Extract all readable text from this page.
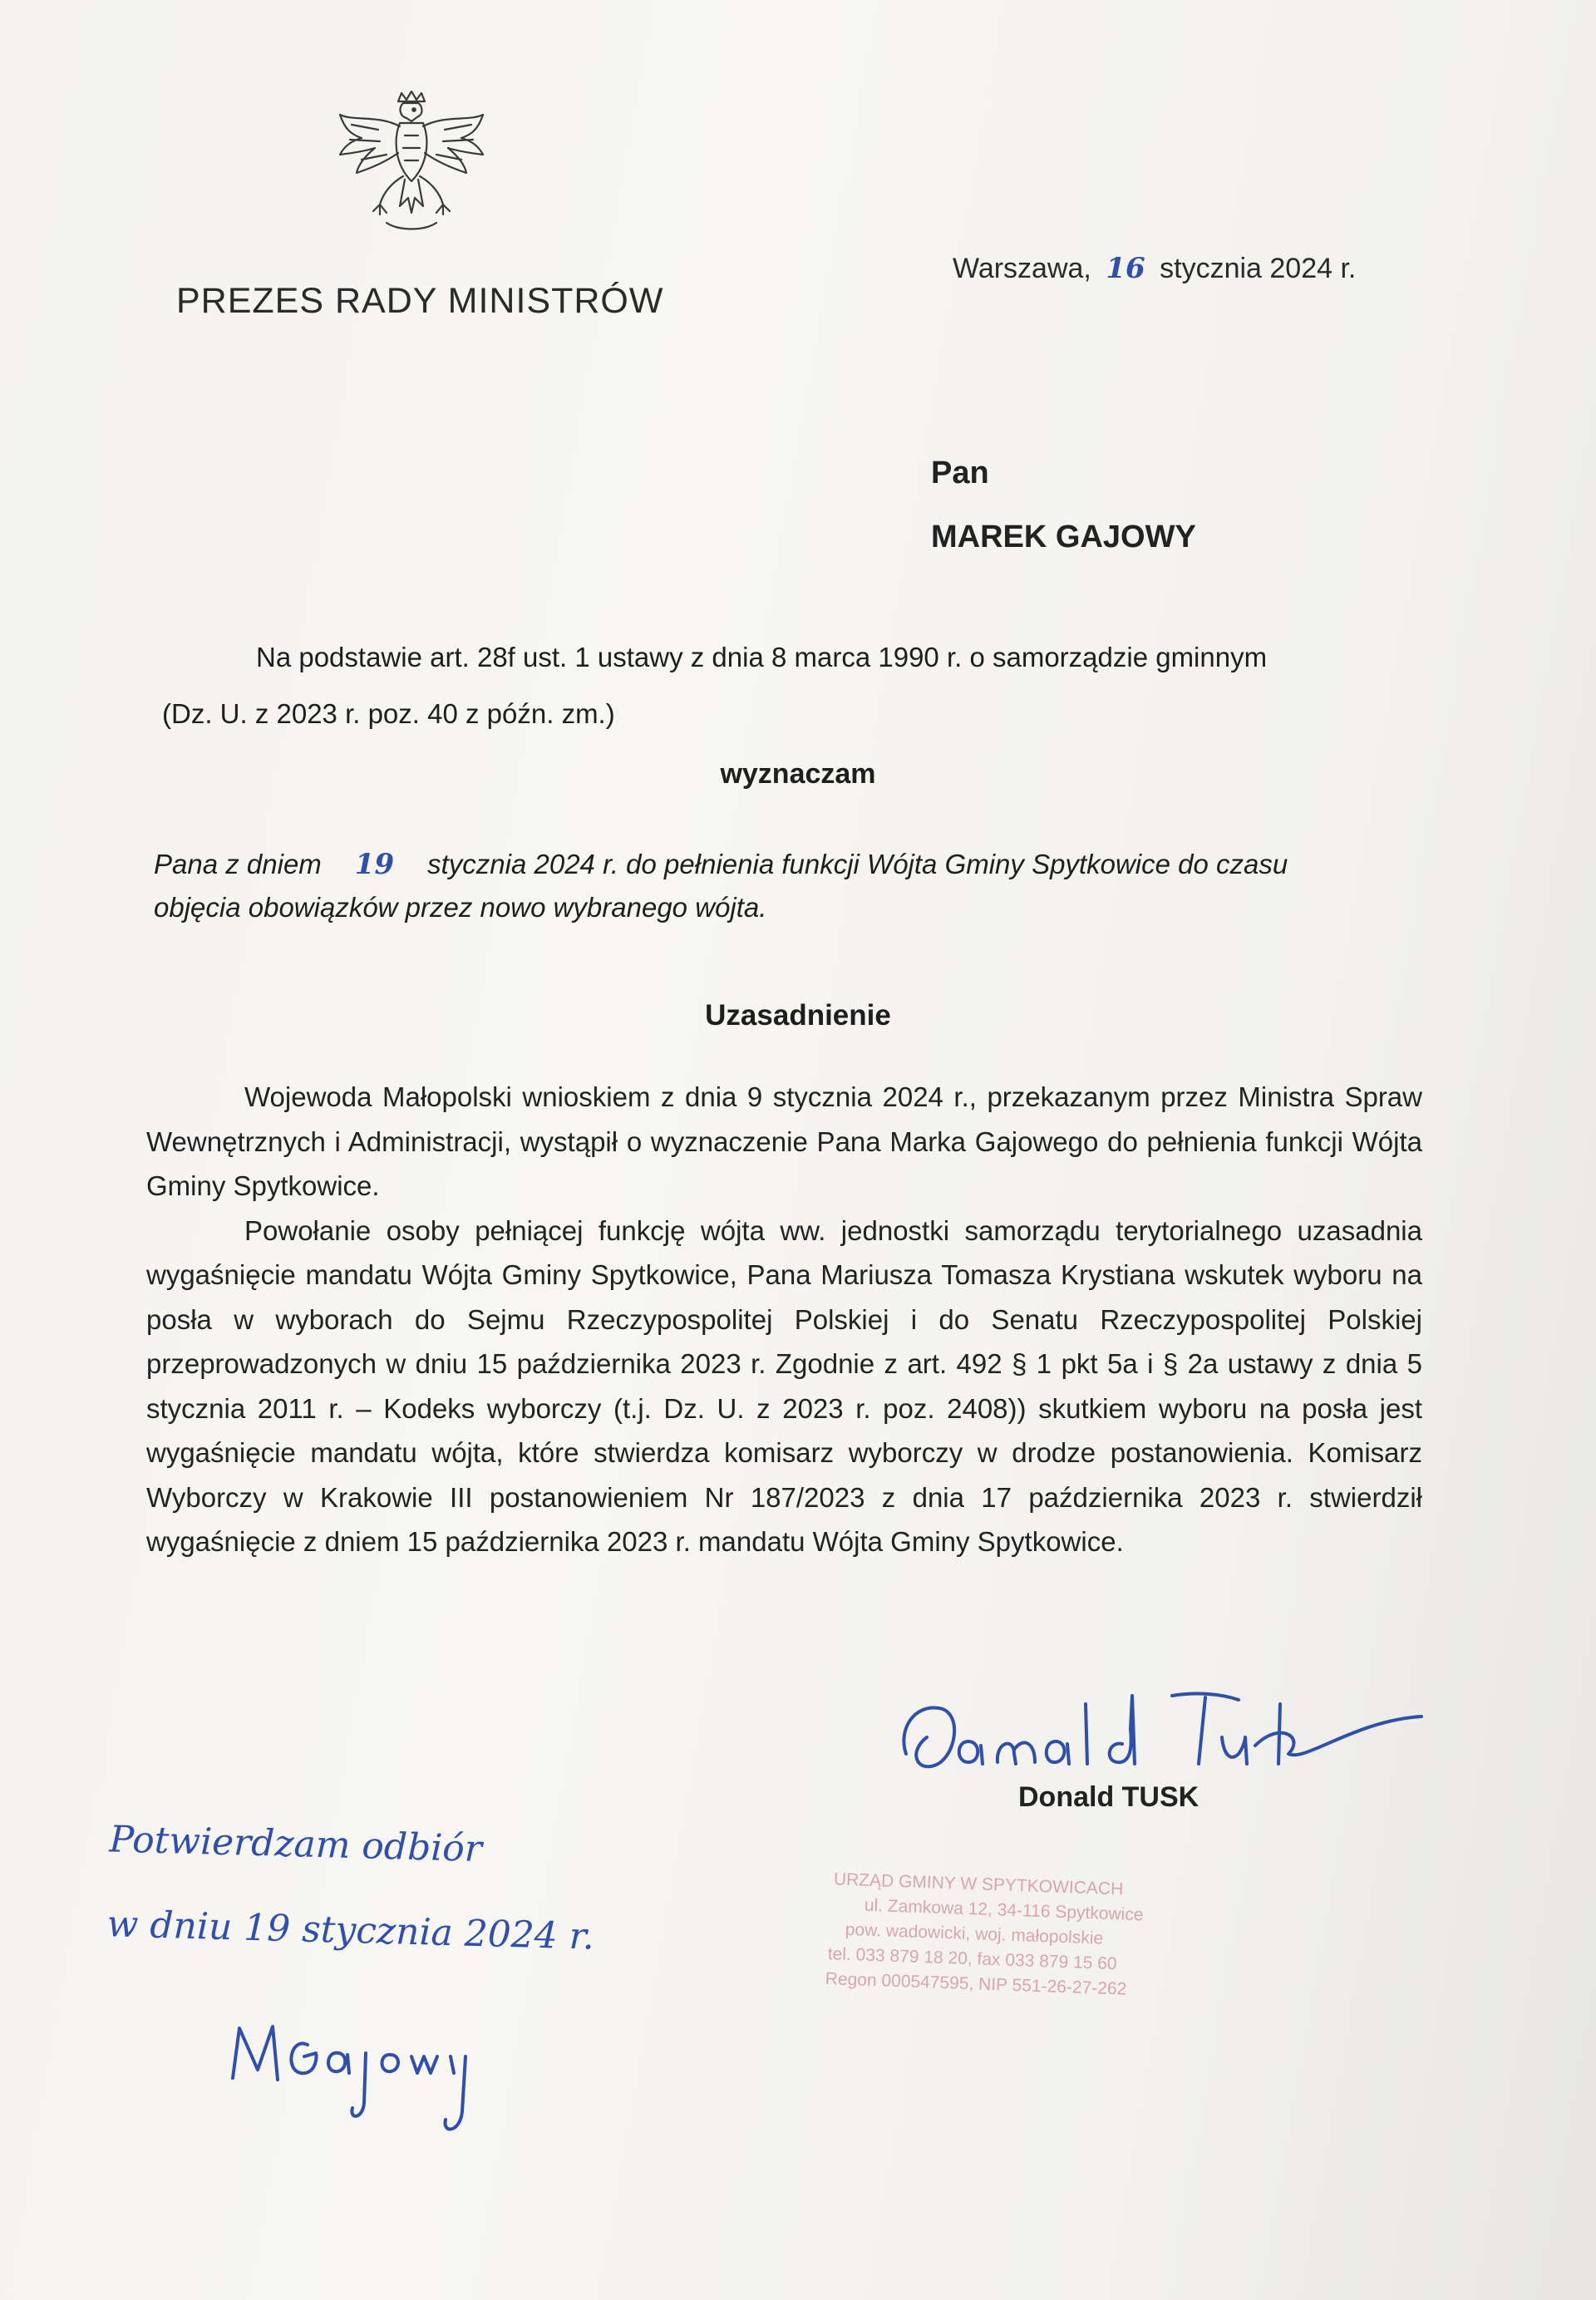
PREZES RADY MINISTRÓW
Warszawa, 16 stycznia 2024 r.
Pan
MAREK GAJOWY
Na podstawie art. 28f ust. 1 ustawy z dnia 8 marca 1990 r. o samorządzie gminnym
(Dz. U. z 2023 r. poz. 40 z późn. zm.)
wyznaczam
Pana z dniem 19 stycznia 2024 r. do pełnienia funkcji Wójta Gminy Spytkowice do czasu
objęcia obowiązków przez nowo wybranego wójta.
Uzasadnienie

Wojewoda Małopolski wnioskiem z dnia 9 stycznia 2024 r., przekazanym przez Ministra Spraw Wewnętrznych i Administracji, wystąpił o wyznaczenie Pana Marka Gajowego do pełnienia funkcji Wójta Gminy Spytkowice.

Powołanie osoby pełniącej funkcję wójta ww. jednostki samorządu terytorialnego uzasadnia wygaśnięcie mandatu Wójta Gminy Spytkowice, Pana Mariusza Tomasza Krystiana wskutek wyboru na posła w wyborach do Sejmu Rzeczypospolitej Polskiej i do Senatu Rzeczypospolitej Polskiej przeprowadzonych w dniu 15 października 2023 r. Zgodnie z art. 492 § 1 pkt 5a i § 2a ustawy z dnia 5 stycznia 2011 r. – Kodeks wyborczy (t.j. Dz. U. z 2023 r. poz. 2408)) skutkiem wyboru na posła jest wygaśnięcie mandatu wójta, które stwierdza komisarz wyborczy w drodze postanowienia. Komisarz Wyborczy w Krakowie III postanowieniem Nr 187/2023 z dnia 17 października 2023 r. stwierdził wygaśnięcie z dniem 15 października 2023 r. mandatu Wójta Gminy Spytkowice.

Donald TUSK
URZĄD GMINY W SPYTKOWICACH
ul. Zamkowa 12, 34-116 Spytkowice
pow. wadowicki, woj. małopolskie
tel. 033 879 18 20, fax 033 879 15 60
Regon 000547595, NIP 551-26-27-262
Potwierdzam odbiór
w dniu 19 stycznia 2024 r.
